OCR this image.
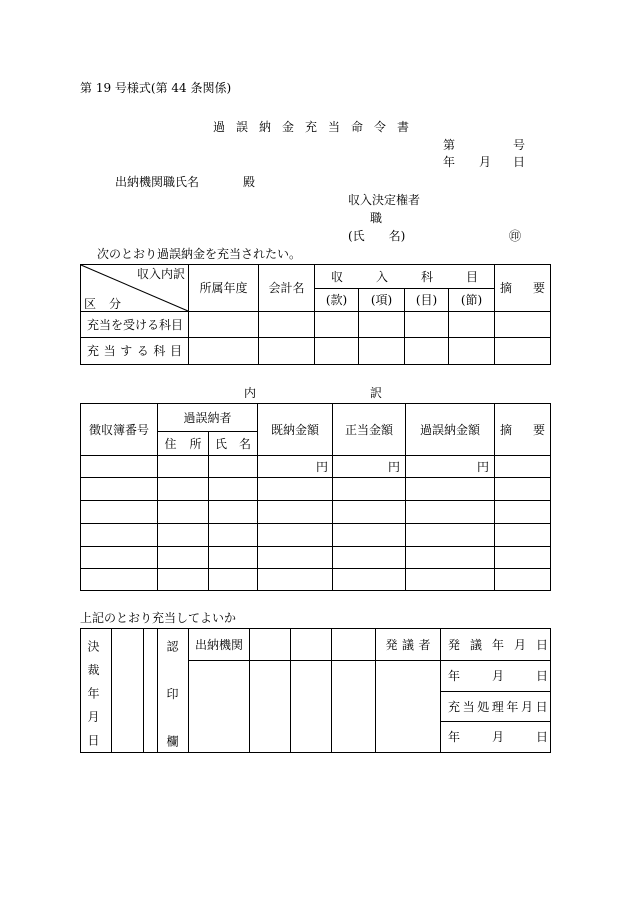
第 19 号様式(第 44 条関係)
過誤納金充当命令書
第	号
年 月 日
出納機関職氏名	殿
収入決定権者
職
(氏　　名)	㊞
次のとおり過誤納金を充当されたい。
収入内訳
区分	所属年度	会計名	収入科目				摘要
			(款)	(項)	(目)	(節)	
充当を受ける科目							
充当する科目							
内	訳
徴収簿番号	過誤納者		既納金額	正当金額	過誤納金額	摘要
	住所	氏名				
			円	円	円	

上記のとおり充当してよいか
決裁年月日			認印欄	出納機関				発議者	発議年月日
									年月日
									充当処理年月日
									年月日
